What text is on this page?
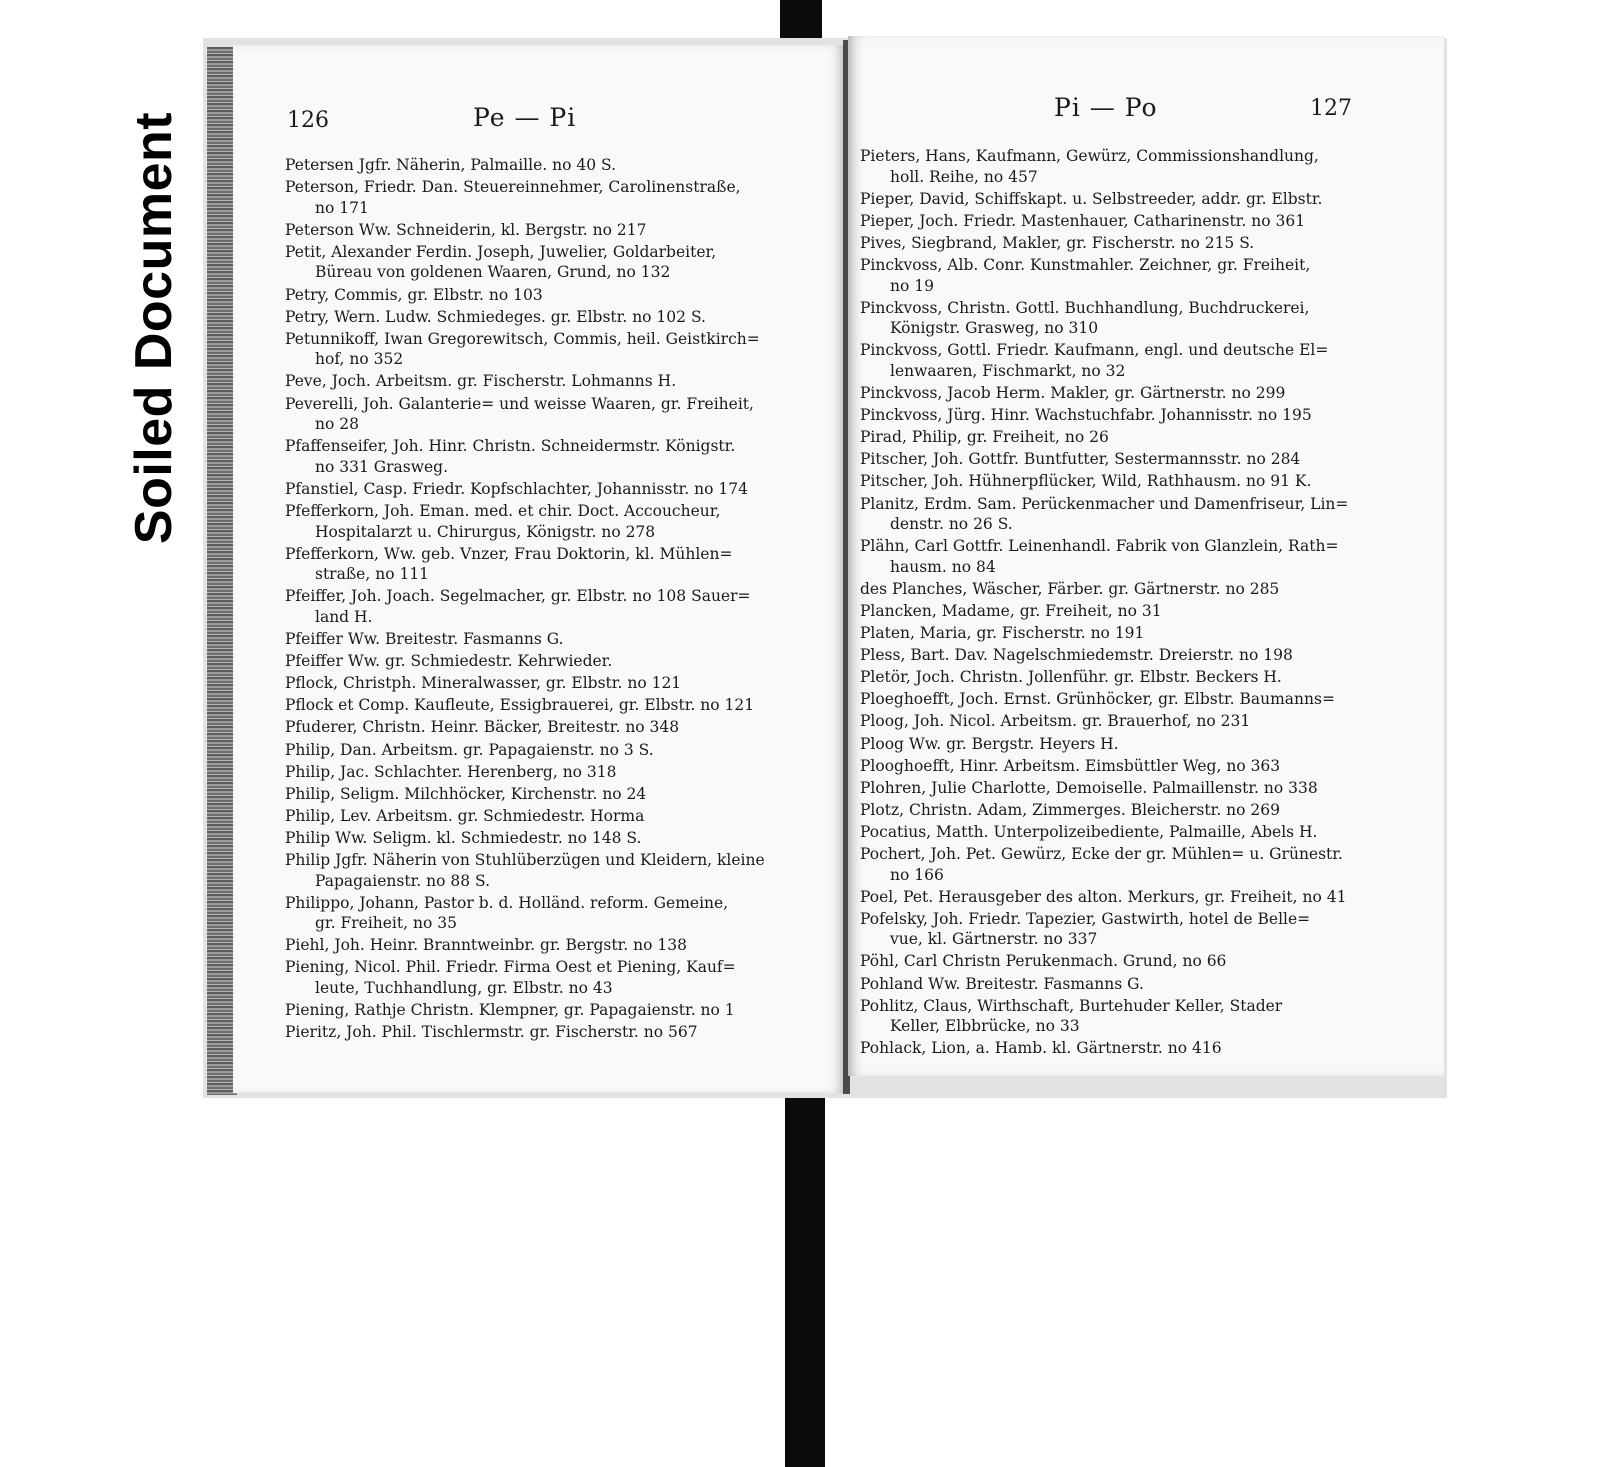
Soiled Document	126	Pe — Pi
Petersen Jgfr. Näherin, Palmaille. no 40 S.
Peterson, Friedr. Dan. Steuereinnehmer, Carolinenstraße,
no 171
Peterson Ww. Schneiderin, kl. Bergstr. no 217
Petit, Alexander Ferdin. Joseph, Juwelier, Goldarbeiter,
Büreau von goldenen Waaren, Grund, no 132
Petry, Commis, gr. Elbstr. no 103
Petry, Wern. Ludw. Schmiedeges. gr. Elbstr. no 102 S.
Petunnikoff, Iwan Gregorewitsch, Commis, heil. Geistkirch=
hof, no 352
Peve, Joch. Arbeitsm. gr. Fischerstr. Lohmanns H.
Peverelli, Joh. Galanterie= und weisse Waaren, gr. Freiheit,
no 28
Pfaffenseifer, Joh. Hinr. Christn. Schneidermstr. Königstr.
no 331 Grasweg.
Pfanstiel, Casp. Friedr. Kopfschlachter, Johannisstr. no 174
Pfefferkorn, Joh. Eman. med. et chir. Doct. Accoucheur,
Hospitalarzt u. Chirurgus, Königstr. no 278
Pfefferkorn, Ww. geb. Vnzer, Frau Doktorin, kl. Mühlen=
straße, no 111
Pfeiffer, Joh. Joach. Segelmacher, gr. Elbstr. no 108 Sauer=
land H.
Pfeiffer Ww. Breitestr. Fasmanns G.
Pfeiffer Ww. gr. Schmiedestr. Kehrwieder.
Pflock, Christph. Mineralwasser, gr. Elbstr. no 121
Pflock et Comp. Kaufleute, Essigbrauerei, gr. Elbstr. no 121
Pfuderer, Christn. Heinr. Bäcker, Breitestr. no 348
Philip, Dan. Arbeitsm. gr. Papagaienstr. no 3 S.
Philip, Jac. Schlachter. Herenberg, no 318
Philip, Seligm. Milchhöcker, Kirchenstr. no 24
Philip, Lev. Arbeitsm. gr. Schmiedestr. Horma
Philip Ww. Seligm. kl. Schmiedestr. no 148 S.
Philip Jgfr. Näherin von Stuhlüberzügen und Kleidern, kleine
Papagaienstr. no 88 S.
Philippo, Johann, Pastor b. d. Holländ. reform. Gemeine,
gr. Freiheit, no 35
Piehl, Joh. Heinr. Branntweinbr. gr. Bergstr. no 138
Piening, Nicol. Phil. Friedr. Firma Oest et Piening, Kauf=
leute, Tuchhandlung, gr. Elbstr. no 43
Piening, Rathje Christn. Klempner, gr. Papagaienstr. no 1
Pieritz, Joh. Phil. Tischlermstr. gr. Fischerstr. no 567
Pi — Po	127
Pieters, Hans, Kaufmann, Gewürz, Commissionshandlung,
holl. Reihe, no 457
Pieper, David, Schiffskapt. u. Selbstreeder, addr. gr. Elbstr.
Pieper, Joch. Friedr. Mastenhauer, Catharinenstr. no 361
Pives, Siegbrand, Makler, gr. Fischerstr. no 215 S.
Pinckvoss, Alb. Conr. Kunstmahler. Zeichner, gr. Freiheit,
no 19
Pinckvoss, Christn. Gottl. Buchhandlung, Buchdruckerei,
Königstr. Grasweg, no 310
Pinckvoss, Gottl. Friedr. Kaufmann, engl. und deutsche El=
lenwaaren, Fischmarkt, no 32
Pinckvoss, Jacob Herm. Makler, gr. Gärtnerstr. no 299
Pinckvoss, Jürg. Hinr. Wachstuchfabr. Johannisstr. no 195
Pirad, Philip, gr. Freiheit, no 26
Pitscher, Joh. Gottfr. Buntfutter, Sestermannsstr. no 284
Pitscher, Joh. Hühnerpflücker, Wild, Rathhausm. no 91 K.
Planitz, Erdm. Sam. Perückenmacher und Damenfriseur, Lin=
denstr. no 26 S.
Plähn, Carl Gottfr. Leinenhandl. Fabrik von Glanzlein, Rath=
hausm. no 84
des Planches, Wäscher, Färber. gr. Gärtnerstr. no 285
Plancken, Madame, gr. Freiheit, no 31
Platen, Maria, gr. Fischerstr. no 191
Pless, Bart. Dav. Nagelschmiedemstr. Dreierstr. no 198
Pletör, Joch. Christn. Jollenführ. gr. Elbstr. Beckers H.
Ploeghoefft, Joch. Ernst. Grünhöcker, gr. Elbstr. Baumanns=
Ploog, Joh. Nicol. Arbeitsm. gr. Brauerhof, no 231
Ploog Ww. gr. Bergstr. Heyers H.
Plooghoefft, Hinr. Arbeitsm. Eimsbüttler Weg, no 363
Plohren, Julie Charlotte, Demoiselle. Palmaillenstr. no 338
Plotz, Christn. Adam, Zimmerges. Bleicherstr. no 269
Pocatius, Matth. Unterpolizeibediente, Palmaille, Abels H.
Pochert, Joh. Pet. Gewürz, Ecke der gr. Mühlen= u. Grünestr.
no 166
Poel, Pet. Herausgeber des alton. Merkurs, gr. Freiheit, no 41
Pofelsky, Joh. Friedr. Tapezier, Gastwirth, hotel de Belle=
vue, kl. Gärtnerstr. no 337
Pöhl, Carl Christn Perukenmach. Grund, no 66
Pohland Ww. Breitestr. Fasmanns G.
Pohlitz, Claus, Wirthschaft, Burtehuder Keller, Stader
Keller, Elbbrücke, no 33
Pohlack, Lion, a. Hamb. kl. Gärtnerstr. no 416
